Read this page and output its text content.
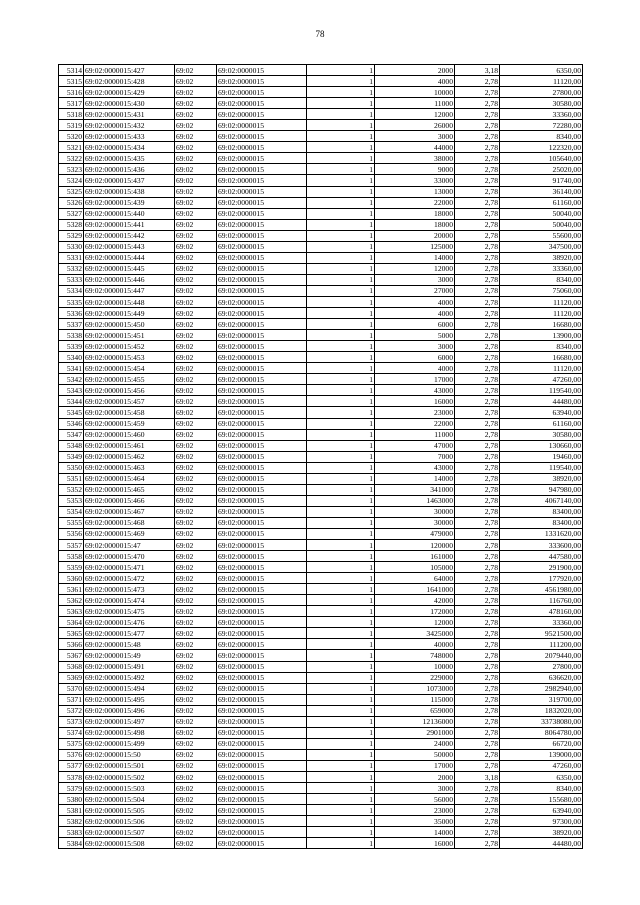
78
5314	69:02:0000015:427	69:02	69:02:0000015	1	2000	3,18	6350,00
5315	69:02:0000015:428	69:02	69:02:0000015	1	4000	2,78	11120,00
5316	69:02:0000015:429	69:02	69:02:0000015	1	10000	2,78	27800,00
5317	69:02:0000015:430	69:02	69:02:0000015	1	11000	2,78	30580,00
5318	69:02:0000015:431	69:02	69:02:0000015	1	12000	2,78	33360,00
5319	69:02:0000015:432	69:02	69:02:0000015	1	26000	2,78	72280,00
5320	69:02:0000015:433	69:02	69:02:0000015	1	3000	2,78	8340,00
5321	69:02:0000015:434	69:02	69:02:0000015	1	44000	2,78	122320,00
5322	69:02:0000015:435	69:02	69:02:0000015	1	38000	2,78	105640,00
5323	69:02:0000015:436	69:02	69:02:0000015	1	9000	2,78	25020,00
5324	69:02:0000015:437	69:02	69:02:0000015	1	33000	2,78	91740,00
5325	69:02:0000015:438	69:02	69:02:0000015	1	13000	2,78	36140,00
5326	69:02:0000015:439	69:02	69:02:0000015	1	22000	2,78	61160,00
5327	69:02:0000015:440	69:02	69:02:0000015	1	18000	2,78	50040,00
5328	69:02:0000015:441	69:02	69:02:0000015	1	18000	2,78	50040,00
5329	69:02:0000015:442	69:02	69:02:0000015	1	20000	2,78	55600,00
5330	69:02:0000015:443	69:02	69:02:0000015	1	125000	2,78	347500,00
5331	69:02:0000015:444	69:02	69:02:0000015	1	14000	2,78	38920,00
5332	69:02:0000015:445	69:02	69:02:0000015	1	12000	2,78	33360,00
5333	69:02:0000015:446	69:02	69:02:0000015	1	3000	2,78	8340,00
5334	69:02:0000015:447	69:02	69:02:0000015	1	27000	2,78	75060,00
5335	69:02:0000015:448	69:02	69:02:0000015	1	4000	2,78	11120,00
5336	69:02:0000015:449	69:02	69:02:0000015	1	4000	2,78	11120,00
5337	69:02:0000015:450	69:02	69:02:0000015	1	6000	2,78	16680,00
5338	69:02:0000015:451	69:02	69:02:0000015	1	5000	2,78	13900,00
5339	69:02:0000015:452	69:02	69:02:0000015	1	3000	2,78	8340,00
5340	69:02:0000015:453	69:02	69:02:0000015	1	6000	2,78	16680,00
5341	69:02:0000015:454	69:02	69:02:0000015	1	4000	2,78	11120,00
5342	69:02:0000015:455	69:02	69:02:0000015	1	17000	2,78	47260,00
5343	69:02:0000015:456	69:02	69:02:0000015	1	43000	2,78	119540,00
5344	69:02:0000015:457	69:02	69:02:0000015	1	16000	2,78	44480,00
5345	69:02:0000015:458	69:02	69:02:0000015	1	23000	2,78	63940,00
5346	69:02:0000015:459	69:02	69:02:0000015	1	22000	2,78	61160,00
5347	69:02:0000015:460	69:02	69:02:0000015	1	11000	2,78	30580,00
5348	69:02:0000015:461	69:02	69:02:0000015	1	47000	2,78	130660,00
5349	69:02:0000015:462	69:02	69:02:0000015	1	7000	2,78	19460,00
5350	69:02:0000015:463	69:02	69:02:0000015	1	43000	2,78	119540,00
5351	69:02:0000015:464	69:02	69:02:0000015	1	14000	2,78	38920,00
5352	69:02:0000015:465	69:02	69:02:0000015	1	341000	2,78	947980,00
5353	69:02:0000015:466	69:02	69:02:0000015	1	1463000	2,78	4067140,00
5354	69:02:0000015:467	69:02	69:02:0000015	1	30000	2,78	83400,00
5355	69:02:0000015:468	69:02	69:02:0000015	1	30000	2,78	83400,00
5356	69:02:0000015:469	69:02	69:02:0000015	1	479000	2,78	1331620,00
5357	69:02:0000015:47	69:02	69:02:0000015	1	120000	2,78	333600,00
5358	69:02:0000015:470	69:02	69:02:0000015	1	161000	2,78	447580,00
5359	69:02:0000015:471	69:02	69:02:0000015	1	105000	2,78	291900,00
5360	69:02:0000015:472	69:02	69:02:0000015	1	64000	2,78	177920,00
5361	69:02:0000015:473	69:02	69:02:0000015	1	1641000	2,78	4561980,00
5362	69:02:0000015:474	69:02	69:02:0000015	1	42000	2,78	116760,00
5363	69:02:0000015:475	69:02	69:02:0000015	1	172000	2,78	478160,00
5364	69:02:0000015:476	69:02	69:02:0000015	1	12000	2,78	33360,00
5365	69:02:0000015:477	69:02	69:02:0000015	1	3425000	2,78	9521500,00
5366	69:02:0000015:48	69:02	69:02:0000015	1	40000	2,78	111200,00
5367	69:02:0000015:49	69:02	69:02:0000015	1	748000	2,78	2079440,00
5368	69:02:0000015:491	69:02	69:02:0000015	1	10000	2,78	27800,00
5369	69:02:0000015:492	69:02	69:02:0000015	1	229000	2,78	636620,00
5370	69:02:0000015:494	69:02	69:02:0000015	1	1073000	2,78	2982940,00
5371	69:02:0000015:495	69:02	69:02:0000015	1	115000	2,78	319700,00
5372	69:02:0000015:496	69:02	69:02:0000015	1	659000	2,78	1832020,00
5373	69:02:0000015:497	69:02	69:02:0000015	1	12136000	2,78	33738080,00
5374	69:02:0000015:498	69:02	69:02:0000015	1	2901000	2,78	8064780,00
5375	69:02:0000015:499	69:02	69:02:0000015	1	24000	2,78	66720,00
5376	69:02:0000015:50	69:02	69:02:0000015	1	50000	2,78	139000,00
5377	69:02:0000015:501	69:02	69:02:0000015	1	17000	2,78	47260,00
5378	69:02:0000015:502	69:02	69:02:0000015	1	2000	3,18	6350,00
5379	69:02:0000015:503	69:02	69:02:0000015	1	3000	2,78	8340,00
5380	69:02:0000015:504	69:02	69:02:0000015	1	56000	2,78	155680,00
5381	69:02:0000015:505	69:02	69:02:0000015	1	23000	2,78	63940,00
5382	69:02:0000015:506	69:02	69:02:0000015	1	35000	2,78	97300,00
5383	69:02:0000015:507	69:02	69:02:0000015	1	14000	2,78	38920,00
5384	69:02:0000015:508	69:02	69:02:0000015	1	16000	2,78	44480,00
